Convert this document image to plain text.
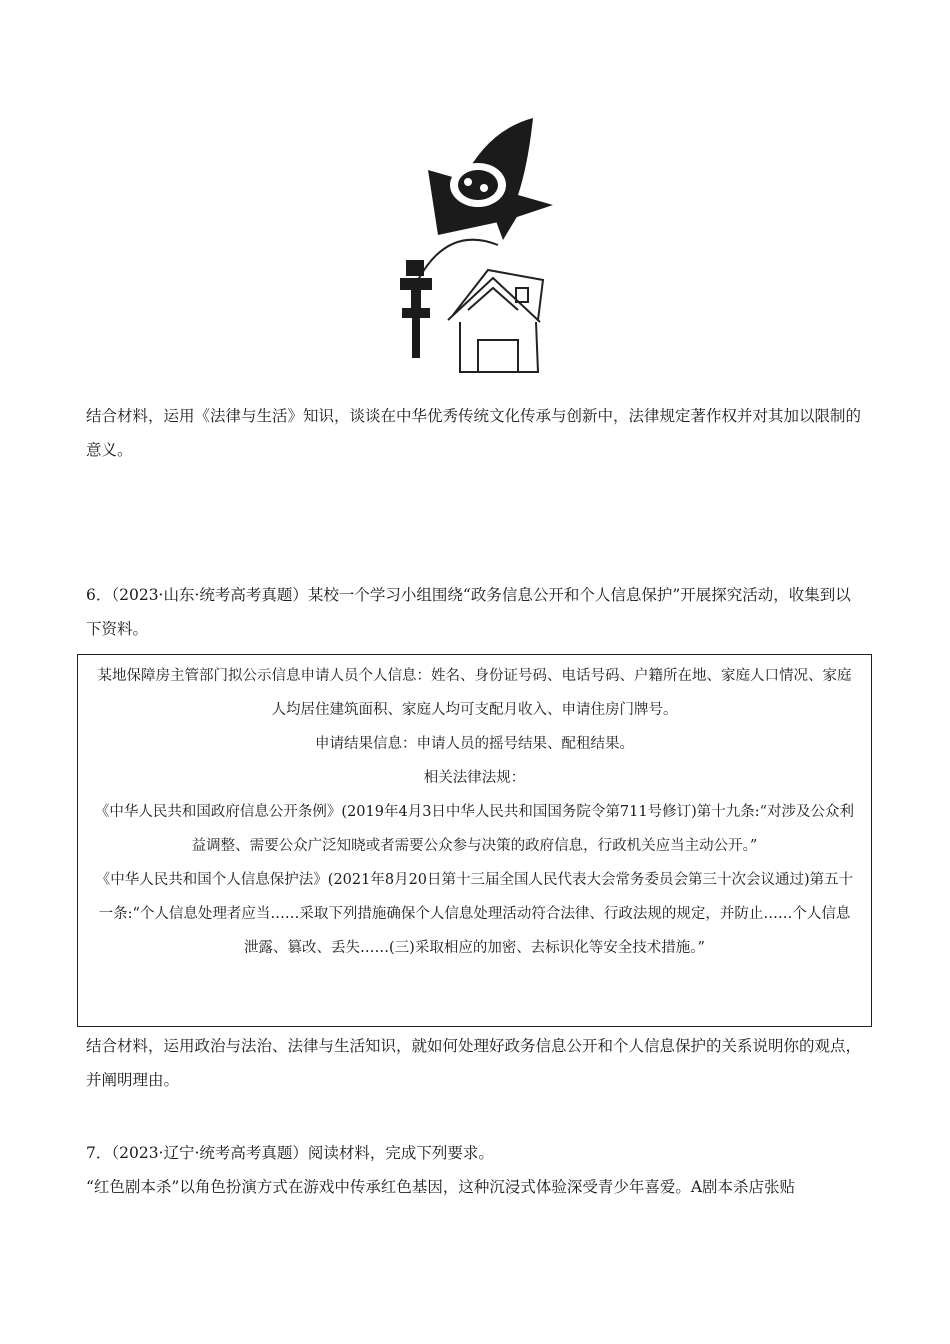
结合材料，运用《法律与生活》知识，谈谈在中华优秀传统文化传承与创新中，法律规定著作权并对其加以限制的意义。

6．（2023·山东·统考高考真题）某校一个学习小组围绕“政务信息公开和个人信息保护”开展探究活动，收集到以下资料。

某地保障房主管部门拟公示信息申请人员个人信息：姓名、身份证号码、电话号码、户籍所在地、家庭人口情况、家庭人均居住建筑面积、家庭人均可支配月收入、申请住房门牌号。

申请结果信息：申请人员的摇号结果、配租结果。

相关法律法规：

《中华人民共和国政府信息公开条例》(2019年4月3日中华人民共和国国务院令第711号修订)第十九条:“对涉及公众利益调整、需要公众广泛知晓或者需要公众参与决策的政府信息，行政机关应当主动公开。”

《中华人民共和国个人信息保护法》(2021年8月20日第十三届全国人民代表大会常务委员会第三十次会议通过)第五十一条:“个人信息处理者应当……采取下列措施确保个人信息处理活动符合法律、行政法规的规定，并防止……个人信息泄露、篡改、丢失……(三)采取相应的加密、去标识化等安全技术措施。”

结合材料，运用政治与法治、法律与生活知识，就如何处理好政务信息公开和个人信息保护的关系说明你的观点，并阐明理由。

7．（2023·辽宁·统考高考真题）阅读材料，完成下列要求。

“红色剧本杀”以角色扮演方式在游戏中传承红色基因，这种沉浸式体验深受青少年喜爱。A剧本杀店张贴
